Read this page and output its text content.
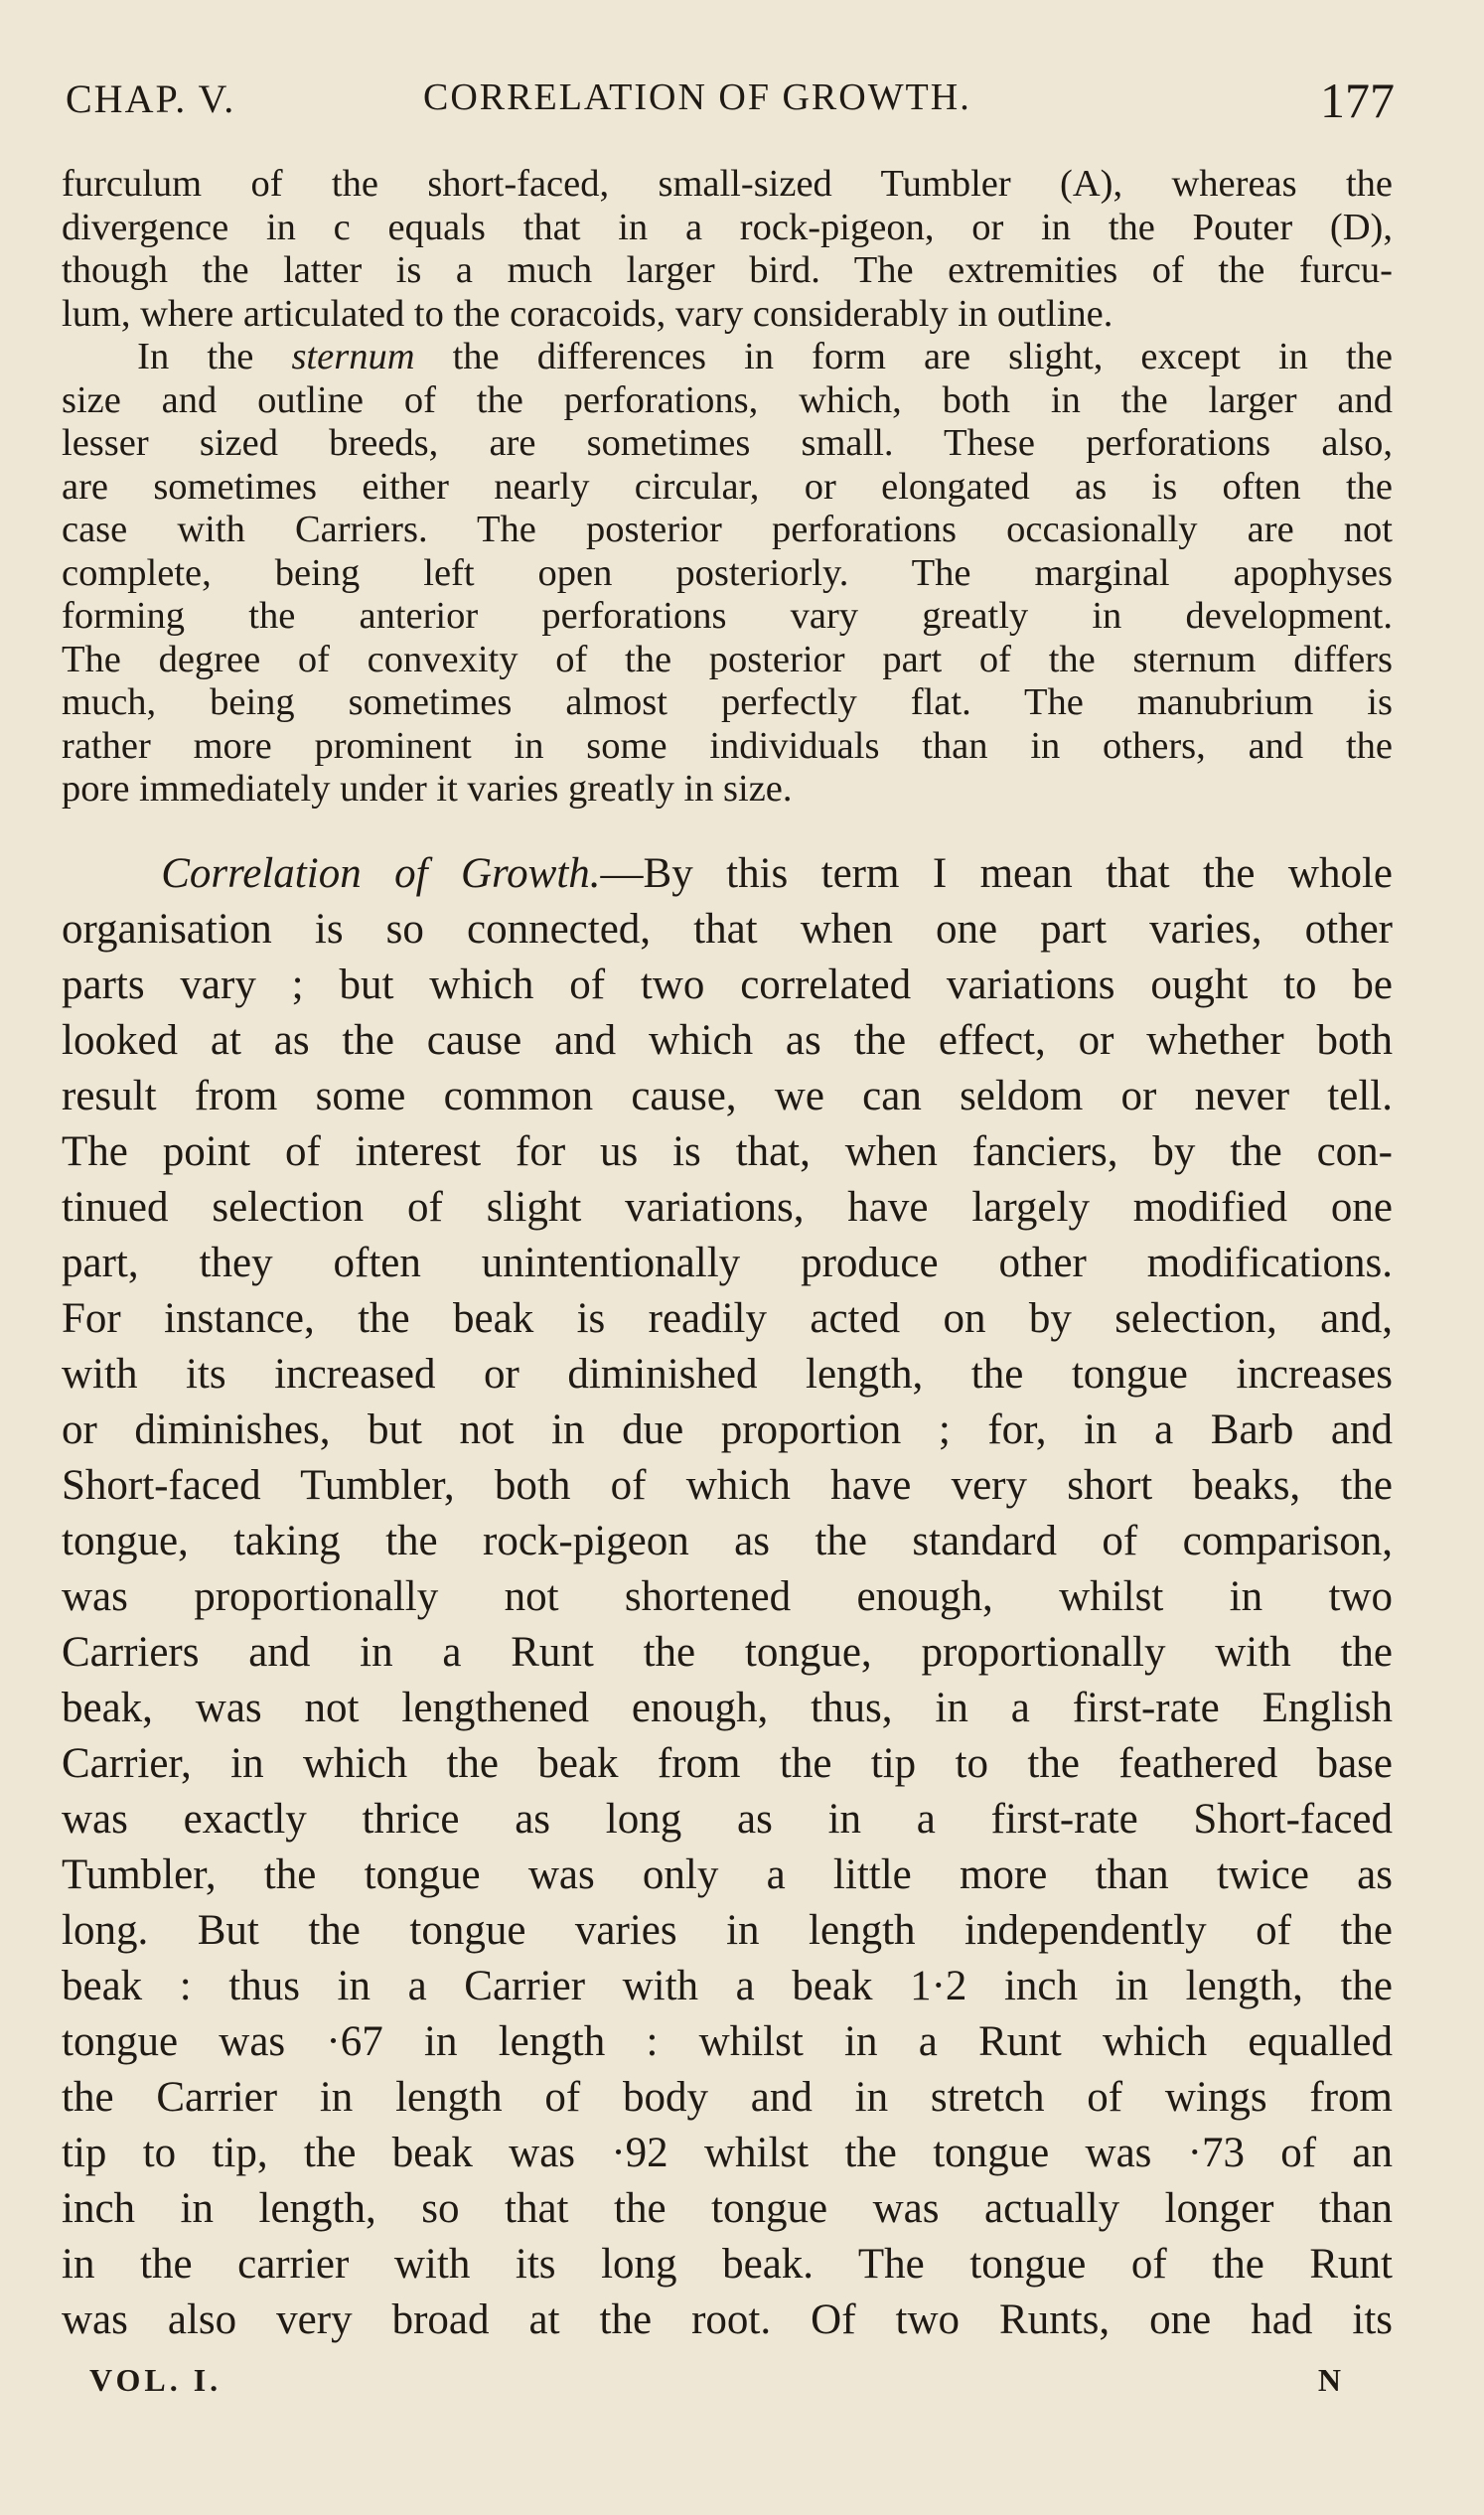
CHAP. V.	CORRELATION OF GROWTH.	177
furculum of the short-faced, small-sized Tumbler (A), whereas the
divergence in c equals that in a rock-pigeon, or in the Pouter (D),
though the latter is a much larger bird. The extremities of the furcu-
lum, where articulated to the coracoids, vary considerably in outline.
In the sternum the differences in form are slight, except in the
size and outline of the perforations, which, both in the larger and
lesser sized breeds, are sometimes small. These perforations also,
are sometimes either nearly circular, or elongated as is often the
case with Carriers. The posterior perforations occasionally are not
complete, being left open posteriorly. The marginal apophyses
forming the anterior perforations vary greatly in development.
The degree of convexity of the posterior part of the sternum differs
much, being sometimes almost perfectly flat. The manubrium is
rather more prominent in some individuals than in others, and the
pore immediately under it varies greatly in size.
Correlation of Growth.—By this term I mean that the whole
organisation is so connected, that when one part varies, other
parts vary ; but which of two correlated variations ought to be
looked at as the cause and which as the effect, or whether both
result from some common cause, we can seldom or never tell.
The point of interest for us is that, when fanciers, by the con-
tinued selection of slight variations, have largely modified one
part, they often unintentionally produce other modifications.
For instance, the beak is readily acted on by selection, and,
with its increased or diminished length, the tongue increases
or diminishes, but not in due proportion ; for, in a Barb and
Short-faced Tumbler, both of which have very short beaks, the
tongue, taking the rock-pigeon as the standard of comparison,
was proportionally not shortened enough, whilst in two
Carriers and in a Runt the tongue, proportionally with the
beak, was not lengthened enough, thus, in a first-rate English
Carrier, in which the beak from the tip to the feathered base
was exactly thrice as long as in a first-rate Short-faced
Tumbler, the tongue was only a little more than twice as
long. But the tongue varies in length independently of the
beak : thus in a Carrier with a beak 1·2 inch in length, the
tongue was ·67 in length : whilst in a Runt which equalled
the Carrier in length of body and in stretch of wings from
tip to tip, the beak was ·92 whilst the tongue was ·73 of an
inch in length, so that the tongue was actually longer than
in the carrier with its long beak. The tongue of the Runt
was also very broad at the root. Of two Runts, one had its
VOL. I.	N
